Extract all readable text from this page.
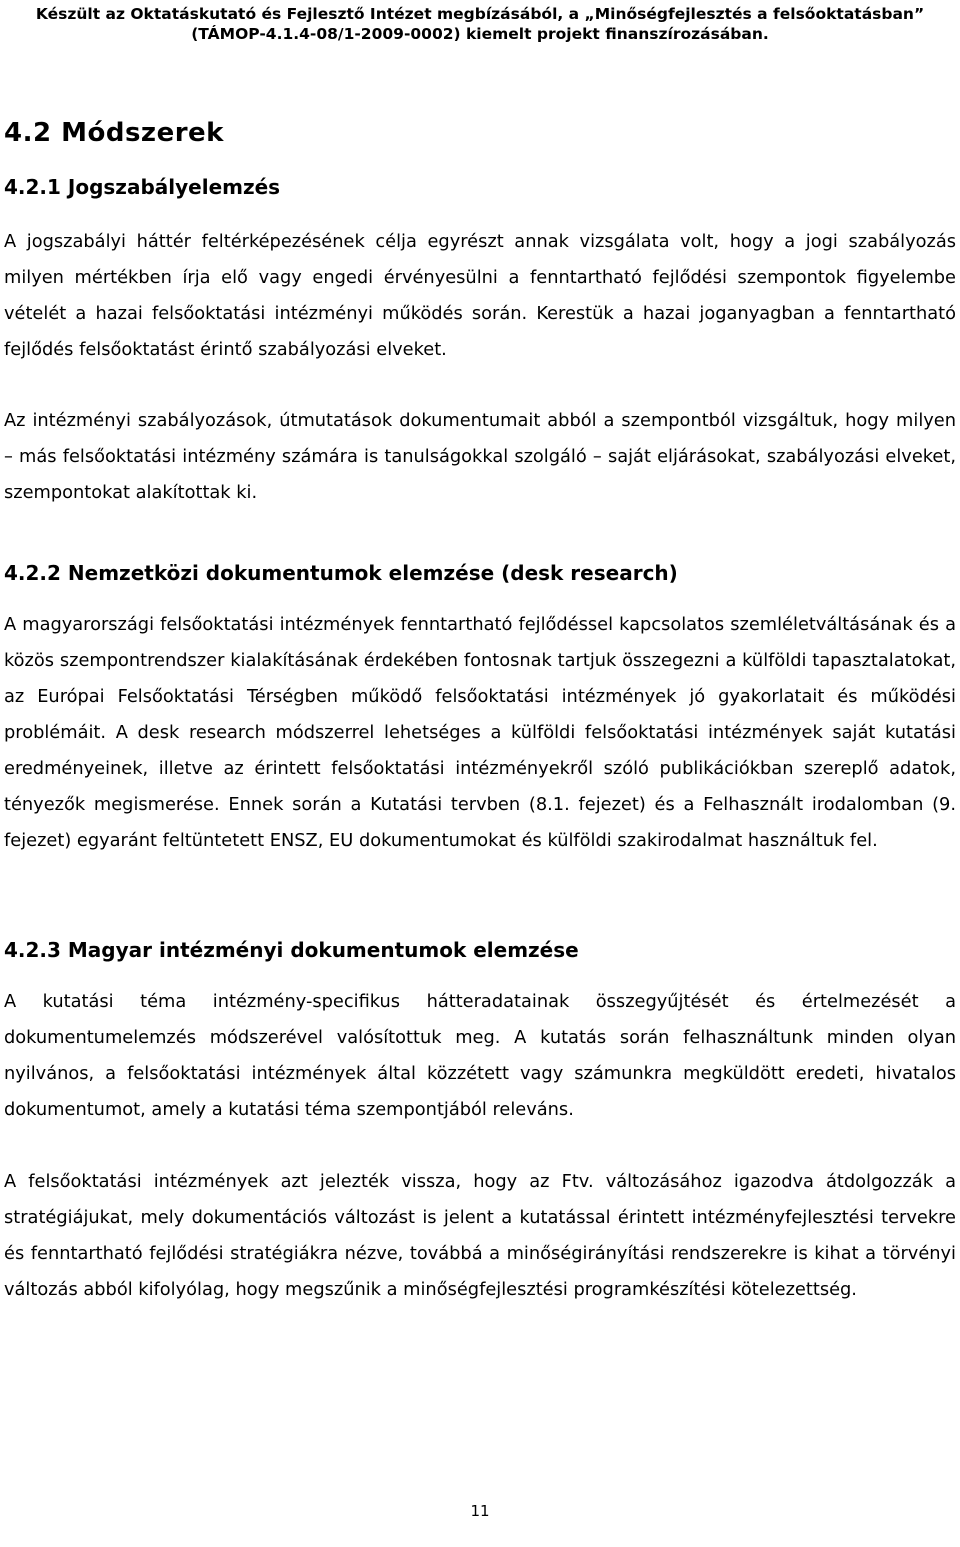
Készült az Oktatáskutató és Fejlesztő Intézet megbízásából, a „Minőségfejlesztés a felsőoktatásban”
(TÁMOP-4.1.4-08/1-2009-0002) kiemelt projekt finanszírozásában.
4.2 Módszerek
4.2.1 Jogszabályelemzés

A jogszabályi háttér feltérképezésének célja egyrészt annak vizsgálata volt, hogy a jogi szabályozás milyen mértékben írja elő vagy engedi érvényesülni a fenntartható fejlődési szempontok figyelembe vételét a hazai felsőoktatási intézményi működés során. Kerestük a hazai joganyagban a fenntartható fejlődés felsőoktatást érintő szabályozási elveket.

Az intézményi szabályozások, útmutatások dokumentumait abból a szempontból vizsgáltuk, hogy milyen – más felsőoktatási intézmény számára is tanulságokkal szolgáló – saját eljárásokat, szabályozási elveket, szempontokat alakítottak ki.

4.2.2 Nemzetközi dokumentumok elemzése (desk research)

A magyarországi felsőoktatási intézmények fenntartható fejlődéssel kapcsolatos szemléletváltásának és a közös szempontrendszer kialakításának érdekében fontosnak tartjuk összegezni a külföldi tapasztalatokat, az Európai Felsőoktatási Térségben működő felsőoktatási intézmények jó gyakorlatait és működési problémáit. A desk research módszerrel lehetséges a külföldi felsőoktatási intézmények saját kutatási eredményeinek, illetve az érintett felsőoktatási intézményekről szóló publikációkban szereplő adatok, tényezők megismerése. Ennek során a Kutatási tervben (8.1. fejezet) és a Felhasznált irodalomban (9. fejezet) egyaránt feltüntetett ENSZ, EU dokumentumokat és külföldi szakirodalmat használtuk fel.

4.2.3 Magyar intézményi dokumentumok elemzése

A kutatási téma intézmény-specifikus hátteradatainak összegyűjtését és értelmezését a dokumentumelemzés módszerével valósítottuk meg. A kutatás során felhasználtunk minden olyan nyilvános, a felsőoktatási intézmények által közzétett vagy számunkra megküldött eredeti, hivatalos dokumentumot, amely a kutatási téma szempontjából releváns.

A felsőoktatási intézmények azt jelezték vissza, hogy az Ftv. változásához igazodva átdolgozzák a stratégiájukat, mely dokumentációs változást is jelent a kutatással érintett intézményfejlesztési tervekre és fenntartható fejlődési stratégiákra nézve, továbbá a minőségirányítási rendszerekre is kihat a törvényi változás abból kifolyólag, hogy megszűnik a minőségfejlesztési programkészítési kötelezettség.

11
